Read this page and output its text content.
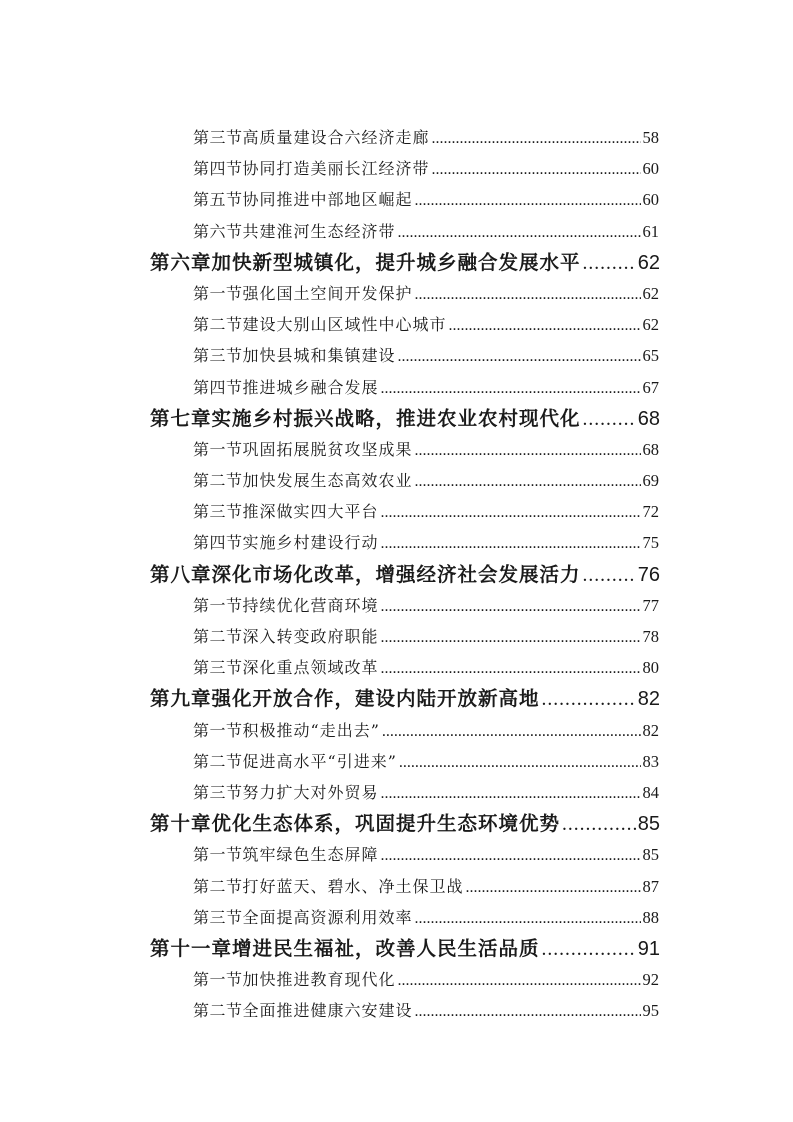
第三节 高质量建设合六经济走廊 .....	58
第四节 协同打造美丽长江经济带 .....	60
第五节 协同推进中部地区崛起 .....	60
第六节 共建淮河生态经济带 .....	61
第六章 加快新型城镇化，提升城乡融合发展水平 .....	62
第一节 强化国土空间开发保护 .....	62
第二节 建设大别山区域性中心城市 .....	62
第三节 加快县城和集镇建设 .....	65
第四节 推进城乡融合发展 .....	67
第七章 实施乡村振兴战略，推进农业农村现代化 .....	68
第一节 巩固拓展脱贫攻坚成果 .....	68
第二节 加快发展生态高效农业 .....	69
第三节 推深做实四大平台 .....	72
第四节 实施乡村建设行动 .....	75
第八章 深化市场化改革，增强经济社会发展活力 .....	76
第一节 持续优化营商环境 .....	77
第二节 深入转变政府职能 .....	78
第三节 深化重点领域改革 .....	80
第九章 强化开放合作，建设内陆开放新高地 .....	82
第一节 积极推动“走出去” .....	82
第二节 促进高水平“引进来” .....	83
第三节 努力扩大对外贸易 .....	84
第十章 优化生态体系，巩固提升生态环境优势 .....	85
第一节 筑牢绿色生态屏障 .....	85
第二节 打好蓝天、碧水、净土保卫战 .....	87
第三节 全面提高资源利用效率 .....	88
第十一章 增进民生福祉，改善人民生活品质 .....	91
第一节 加快推进教育现代化 .....	92
第二节 全面推进健康六安建设 .....	95
